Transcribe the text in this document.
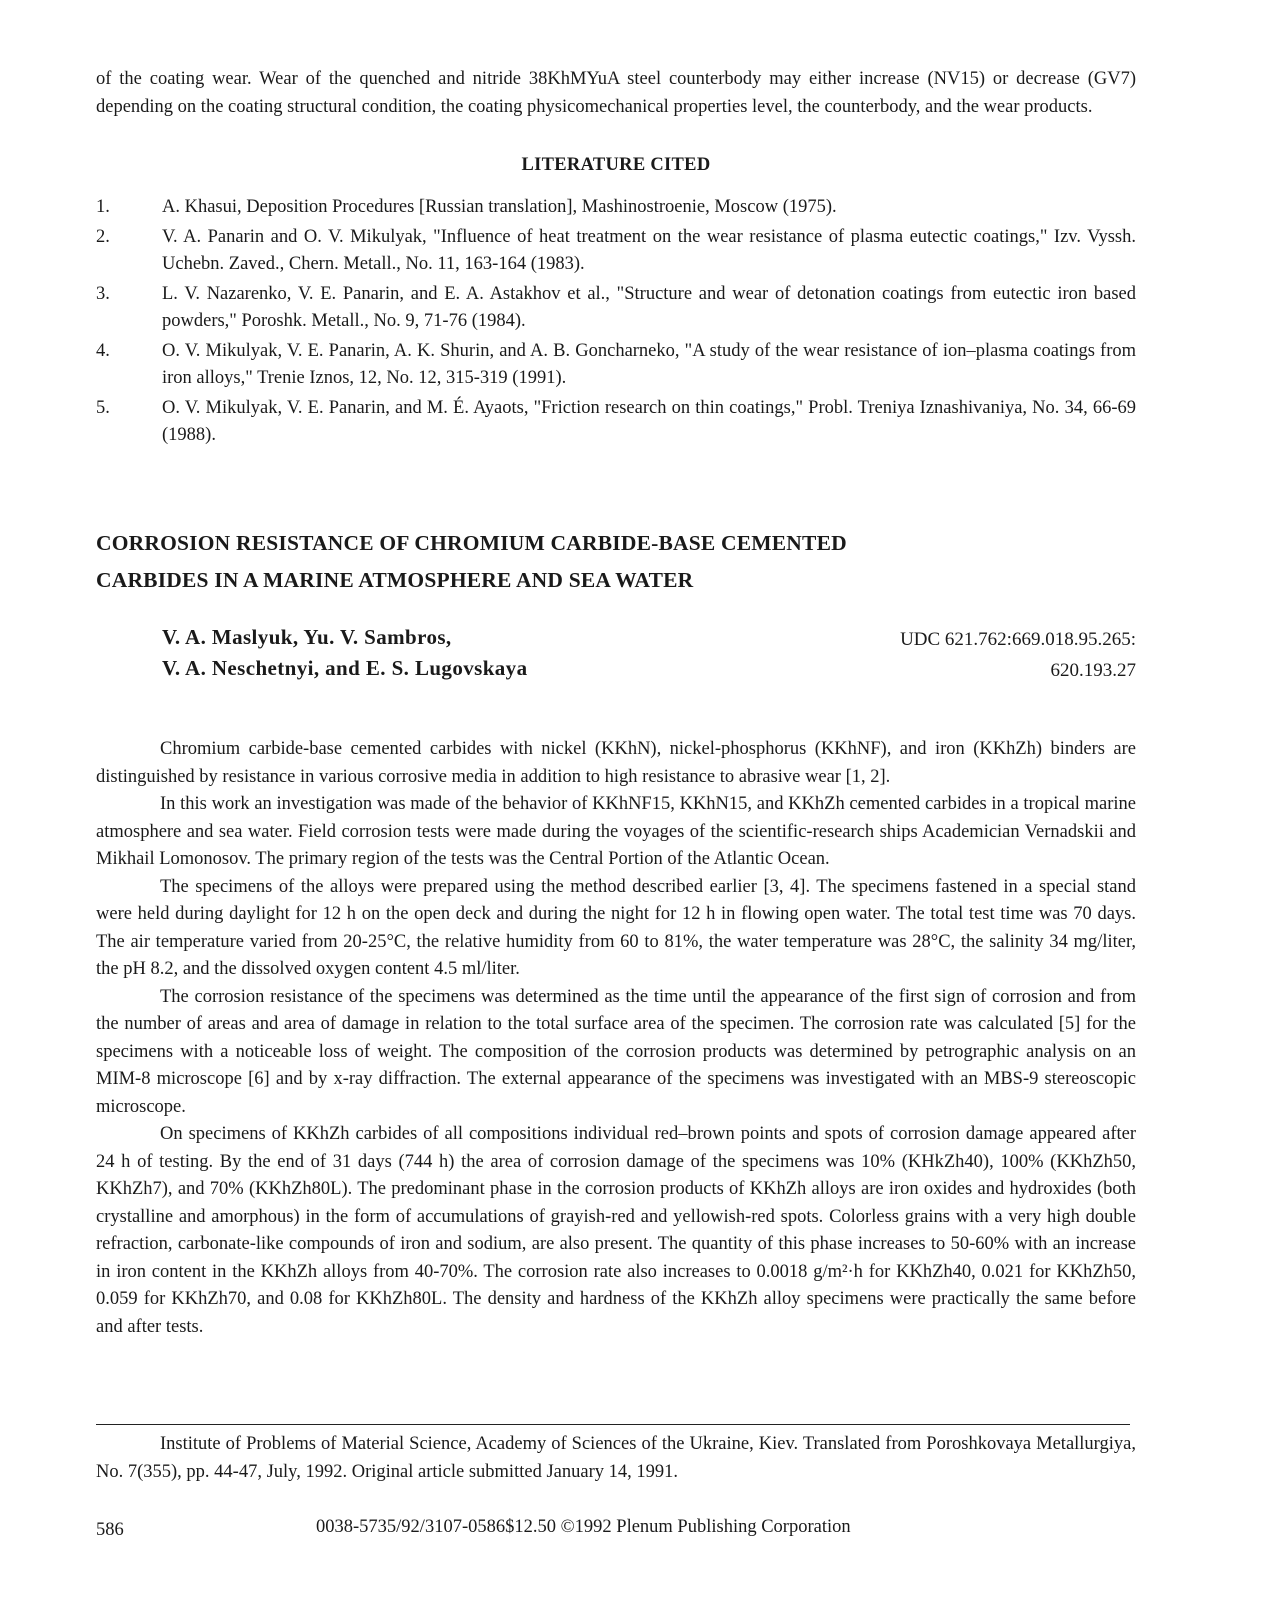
of the coating wear. Wear of the quenched and nitride 38KhMYuA steel counterbody may either increase (NV15) or decrease (GV7) depending on the coating structural condition, the coating physicomechanical properties level, the counterbody, and the wear products.

LITERATURE CITED
1.	A. Khasui, Deposition Procedures [Russian translation], Mashinostroenie, Moscow (1975).
2.	V. A. Panarin and O. V. Mikulyak, "Influence of heat treatment on the wear resistance of plasma eutectic coatings," Izv. Vyssh. Uchebn. Zaved., Chern. Metall., No. 11, 163-164 (1983).
3.	L. V. Nazarenko, V. E. Panarin, and E. A. Astakhov et al., "Structure and wear of detonation coatings from eutectic iron based powders," Poroshk. Metall., No. 9, 71-76 (1984).
4.	O. V. Mikulyak, V. E. Panarin, A. K. Shurin, and A. B. Goncharneko, "A study of the wear resistance of ion–plasma coatings from iron alloys," Trenie Iznos, 12, No. 12, 315-319 (1991).
5.	O. V. Mikulyak, V. E. Panarin, and M. É. Ayaots, "Friction research on thin coatings," Probl. Treniya Iznashivaniya, No. 34, 66-69 (1988).
CORROSION RESISTANCE OF CHROMIUM CARBIDE-BASE CEMENTED
CARBIDES IN A MARINE ATMOSPHERE AND SEA WATER
V. A. Maslyuk, Yu. V. Sambros,
V. A. Neschetnyi, and E. S. Lugovskaya
UDC 621.762:669.018.95.265:
620.193.27

Chromium carbide-base cemented carbides with nickel (KKhN), nickel-phosphorus (KKhNF), and iron (KKhZh) binders are distinguished by resistance in various corrosive media in addition to high resistance to abrasive wear [1, 2].

In this work an investigation was made of the behavior of KKhNF15, KKhN15, and KKhZh cemented carbides in a tropical marine atmosphere and sea water. Field corrosion tests were made during the voyages of the scientific-research ships Academician Vernadskii and Mikhail Lomonosov. The primary region of the tests was the Central Portion of the Atlantic Ocean.

The specimens of the alloys were prepared using the method described earlier [3, 4]. The specimens fastened in a special stand were held during daylight for 12 h on the open deck and during the night for 12 h in flowing open water. The total test time was 70 days. The air temperature varied from 20-25°C, the relative humidity from 60 to 81%, the water temperature was 28°C, the salinity 34 mg/liter, the pH 8.2, and the dissolved oxygen content 4.5 ml/liter.

The corrosion resistance of the specimens was determined as the time until the appearance of the first sign of corrosion and from the number of areas and area of damage in relation to the total surface area of the specimen. The corrosion rate was calculated [5] for the specimens with a noticeable loss of weight. The composition of the corrosion products was determined by petrographic analysis on an MIM-8 microscope [6] and by x-ray diffraction. The external appearance of the specimens was investigated with an MBS-9 stereoscopic microscope.

On specimens of KKhZh carbides of all compositions individual red–brown points and spots of corrosion damage appeared after 24 h of testing. By the end of 31 days (744 h) the area of corrosion damage of the specimens was 10% (KHkZh40), 100% (KKhZh50, KKhZh7), and 70% (KKhZh80L). The predominant phase in the corrosion products of KKhZh alloys are iron oxides and hydroxides (both crystalline and amorphous) in the form of accumulations of grayish-red and yellowish-red spots. Colorless grains with a very high double refraction, carbonate-like compounds of iron and sodium, are also present. The quantity of this phase increases to 50-60% with an increase in iron content in the KKhZh alloys from 40-70%. The corrosion rate also increases to 0.0018 g/m²·h for KKhZh40, 0.021 for KKhZh50, 0.059 for KKhZh70, and 0.08 for KKhZh80L. The density and hardness of the KKhZh alloy specimens were practically the same before and after tests.

Institute of Problems of Material Science, Academy of Sciences of the Ukraine, Kiev. Translated from Poroshkovaya Metallurgiya, No. 7(355), pp. 44-47, July, 1992. Original article submitted January 14, 1991.

586	0038-5735/92/3107-0586$12.50 ©1992 Plenum Publishing Corporation
